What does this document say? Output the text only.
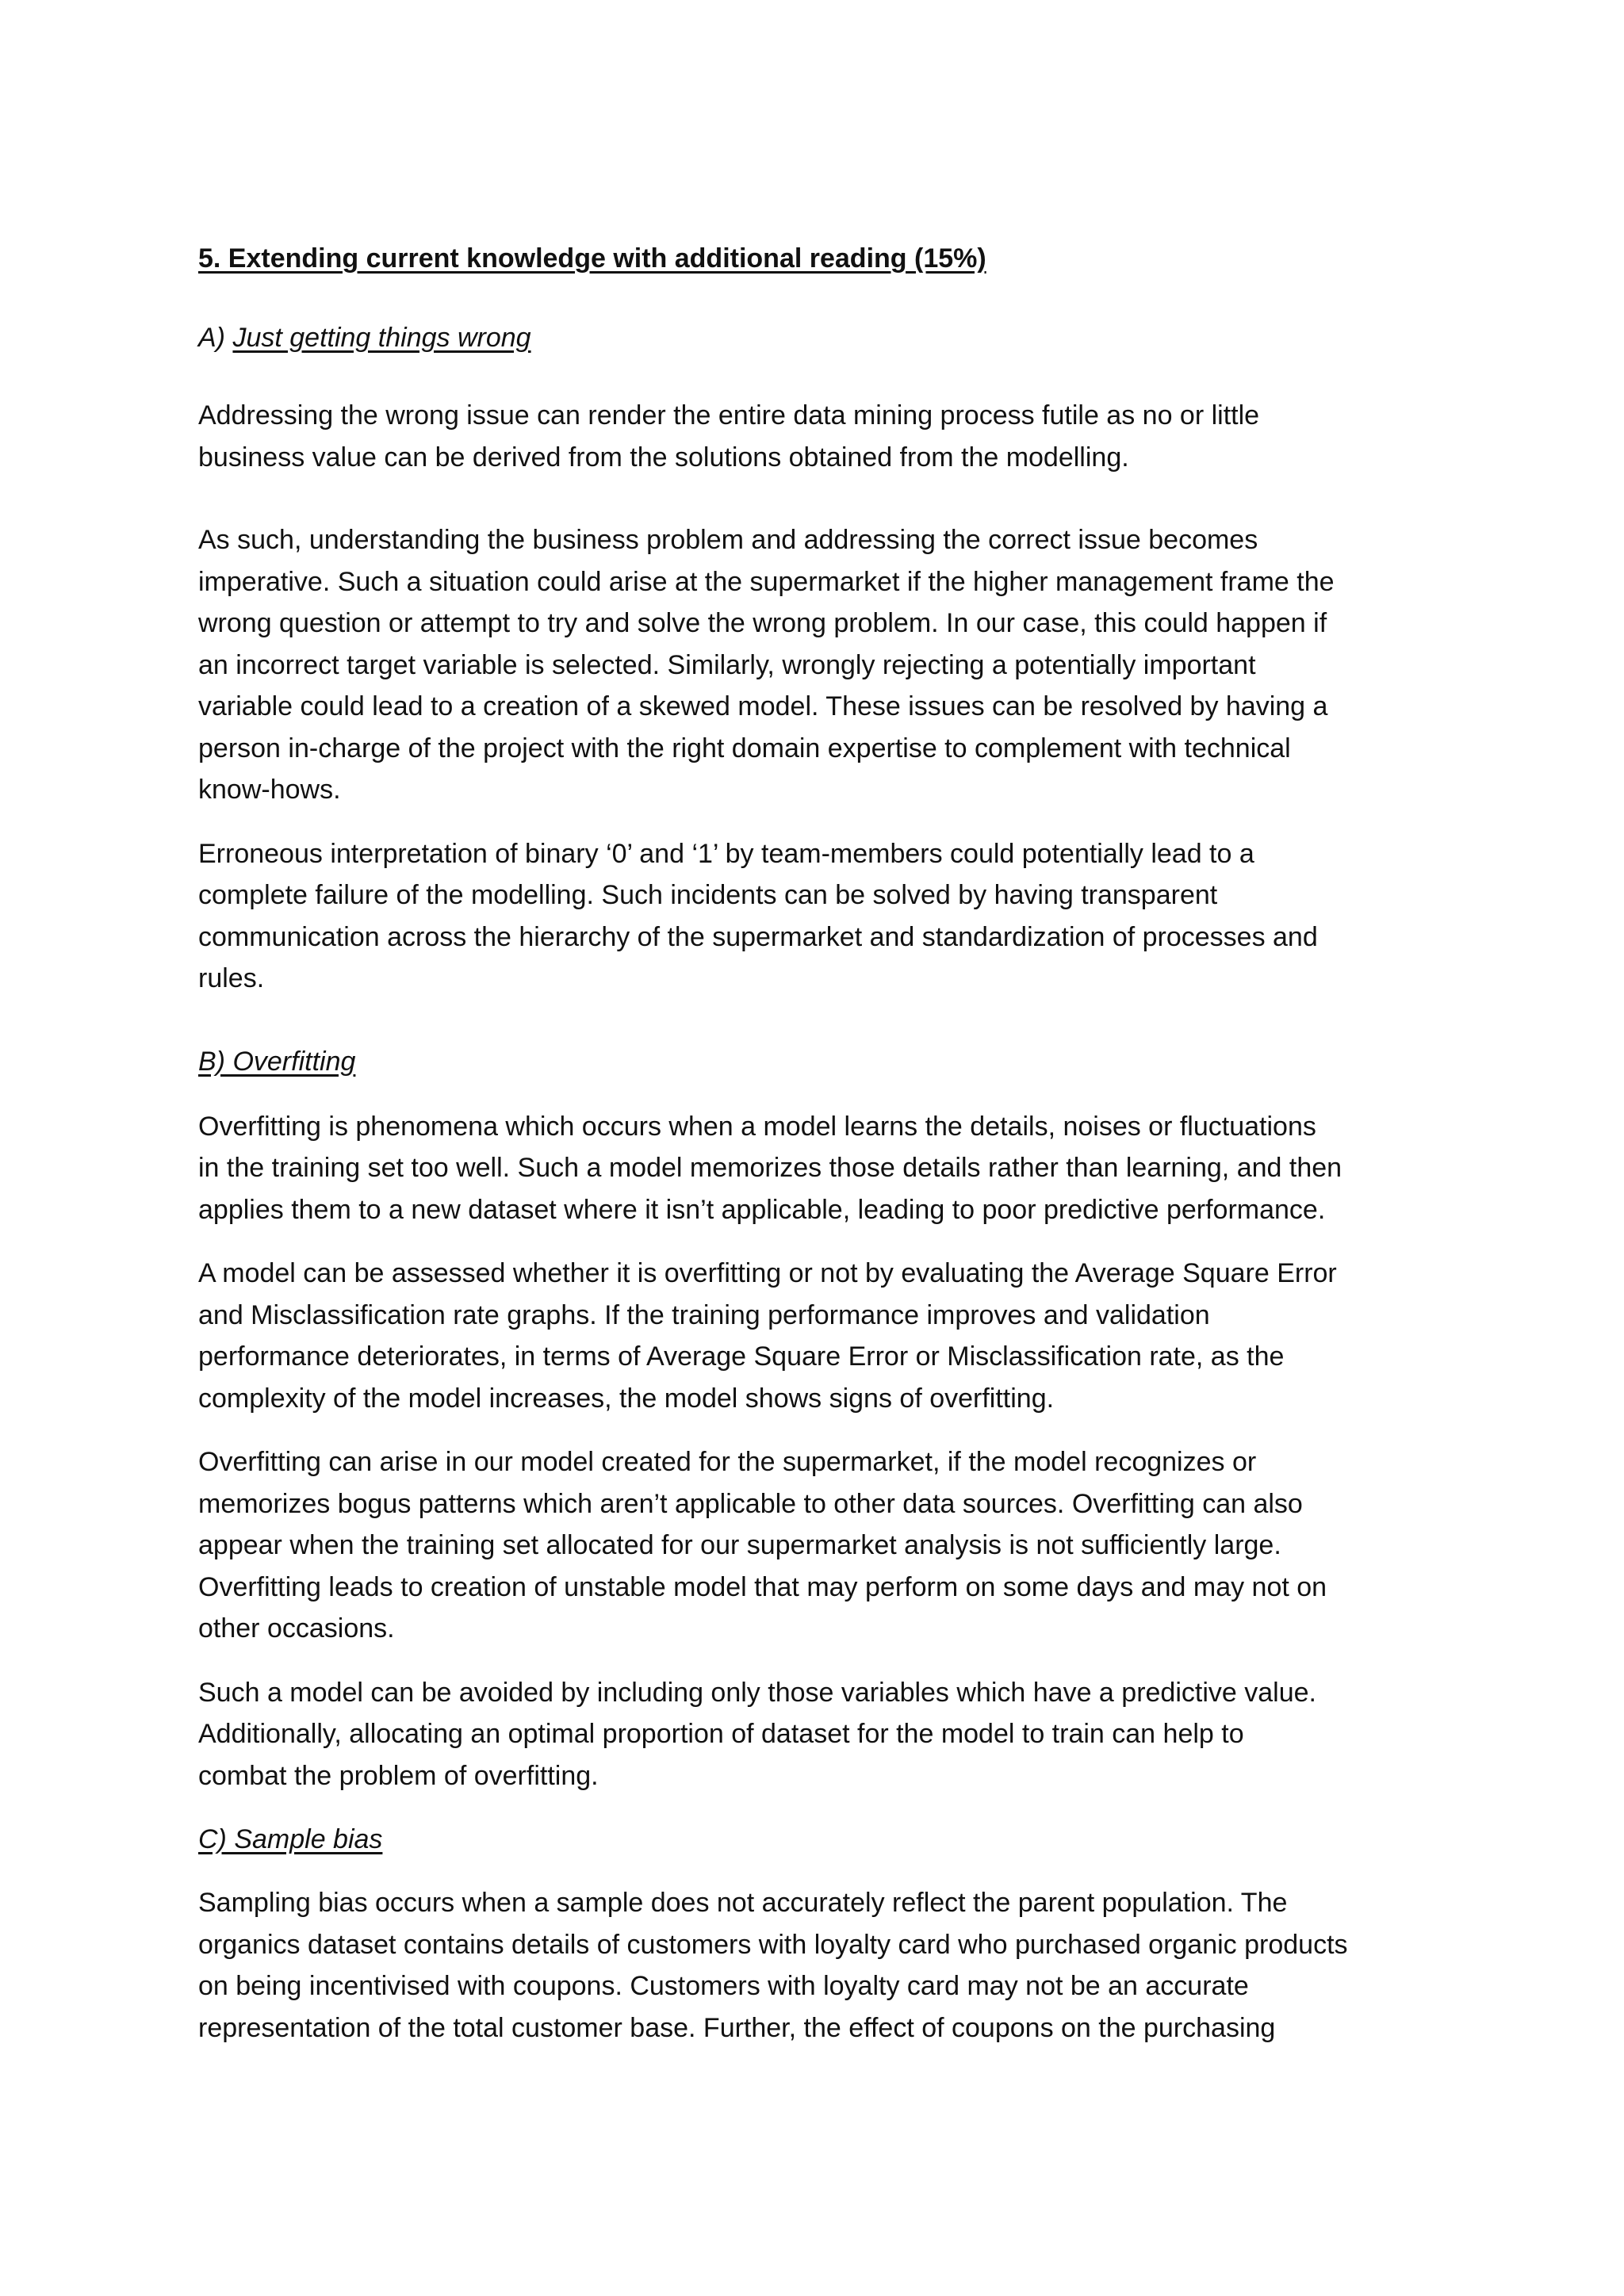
5. Extending current knowledge with additional reading (15%)
A) Just getting things wrong
Addressing the wrong issue can render the entire data mining process futile as no or little
business value can be derived from the solutions obtained from the modelling.
As such, understanding the business problem and addressing the correct issue becomes
imperative. Such a situation could arise at the supermarket if the higher management frame the
wrong question or attempt to try and solve the wrong problem. In our case, this could happen if
an incorrect target variable is selected. Similarly, wrongly rejecting a potentially important
variable could lead to a creation of a skewed model. These issues can be resolved by having a
person in-charge of the project with the right domain expertise to complement with technical
know-hows.
Erroneous interpretation of binary ‘0’ and ‘1’ by team-members could potentially lead to a
complete failure of the modelling. Such incidents can be solved by having transparent
communication across the hierarchy of the supermarket and standardization of processes and
rules.
B) Overfitting
Overfitting is phenomena which occurs when a model learns the details, noises or fluctuations
in the training set too well. Such a model memorizes those details rather than learning, and then
applies them to a new dataset where it isn’t applicable, leading to poor predictive performance.
A model can be assessed whether it is overfitting or not by evaluating the Average Square Error
and Misclassification rate graphs. If the training performance improves and validation
performance deteriorates, in terms of Average Square Error or Misclassification rate, as the
complexity of the model increases, the model shows signs of overfitting.
Overfitting can arise in our model created for the supermarket, if the model recognizes or
memorizes bogus patterns which aren’t applicable to other data sources. Overfitting can also
appear when the training set allocated for our supermarket analysis is not sufficiently large.
Overfitting leads to creation of unstable model that may perform on some days and may not on
other occasions.
Such a model can be avoided by including only those variables which have a predictive value.
Additionally, allocating an optimal proportion of dataset for the model to train can help to
combat the problem of overfitting.
C) Sample bias
Sampling bias occurs when a sample does not accurately reflect the parent population. The
organics dataset contains details of customers with loyalty card who purchased organic products
on being incentivised with coupons. Customers with loyalty card may not be an accurate
representation of the total customer base. Further, the effect of coupons on the purchasing
